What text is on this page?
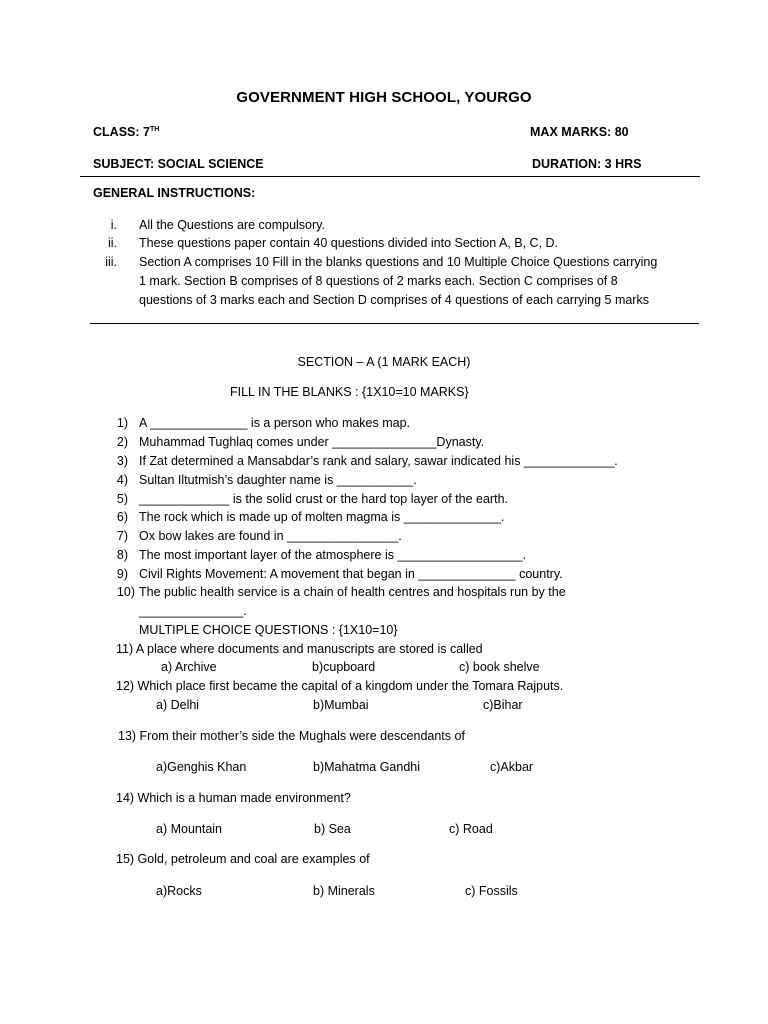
GOVERNMENT HIGH SCHOOL, YOURGO
CLASS: 7TH	MAX MARKS: 80
SUBJECT: SOCIAL SCIENCE	DURATION: 3 HRS
GENERAL INSTRUCTIONS:
i. All the Questions are compulsory.
ii. These questions paper contain 40 questions divided into Section A, B, C, D.
iii. Section A comprises 10 Fill in the blanks questions and 10 Multiple Choice Questions carrying
1 mark. Section B comprises of 8 questions of 2 marks each. Section C comprises of 8
questions of 3 marks each and Section D comprises of 4 questions of each carrying 5 marks
SECTION – A (1 MARK EACH)
FILL IN THE BLANKS : {1X10=10 MARKS}
1) A ______________ is a person who makes map.
2) Muhammad Tughlaq comes under _______________Dynasty.
3) If Zat determined a Mansabdar’s rank and salary, sawar indicated his _____________.
4) Sultan Iltutmish’s daughter name is ___________.
5) _____________ is the solid crust or the hard top layer of the earth.
6) The rock which is made up of molten magma is ______________.
7) Ox bow lakes are found in ________________.
8) The most important layer of the atmosphere is __________________.
9) Civil Rights Movement: A movement that began in ______________ country.
10) The public health service is a chain of health centres and hospitals run by the
_______________.
MULTIPLE CHOICE QUESTIONS : {1X10=10}
11) A place where documents and manuscripts are stored is called
a) Archive	b)cupboard	c) book shelve
12) Which place first became the capital of a kingdom under the Tomara Rajputs.
a) Delhi	b)Mumbai	c)Bihar
13) From their mother’s side the Mughals were descendants of
a)Genghis Khan	b)Mahatma Gandhi	c)Akbar
14) Which is a human made environment?
a) Mountain	b) Sea	c) Road
15) Gold, petroleum and coal are examples of
a)Rocks	b) Minerals	c) Fossils
